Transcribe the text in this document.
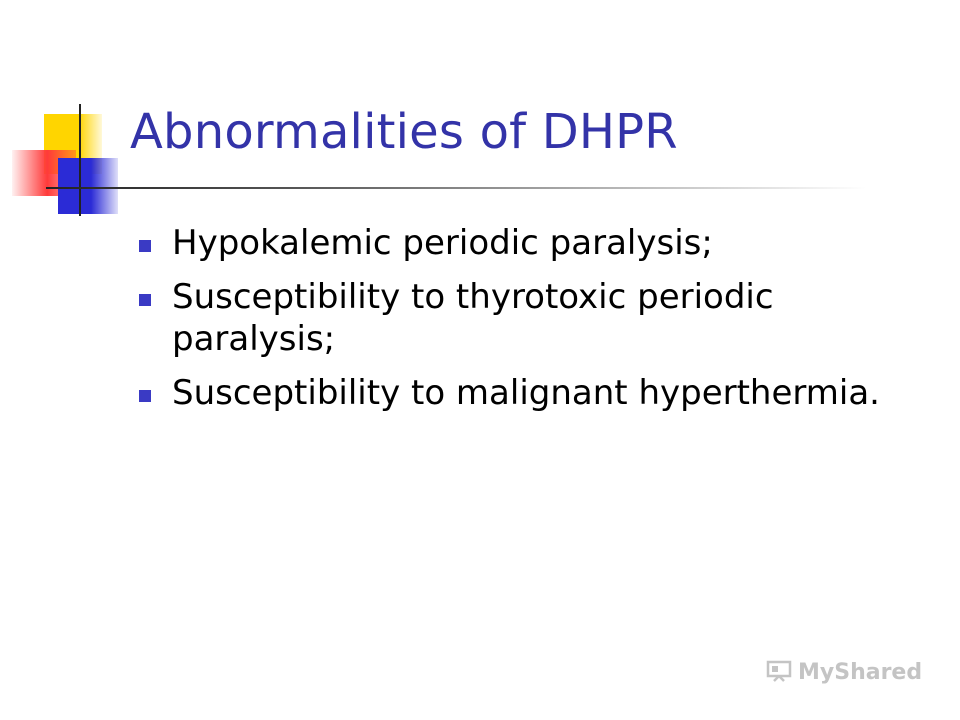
Abnormalities of DHPR
Hypokalemic periodic paralysis;
Susceptibility to thyrotoxic periodic paralysis;
Susceptibility to malignant hyperthermia.
MyShared
